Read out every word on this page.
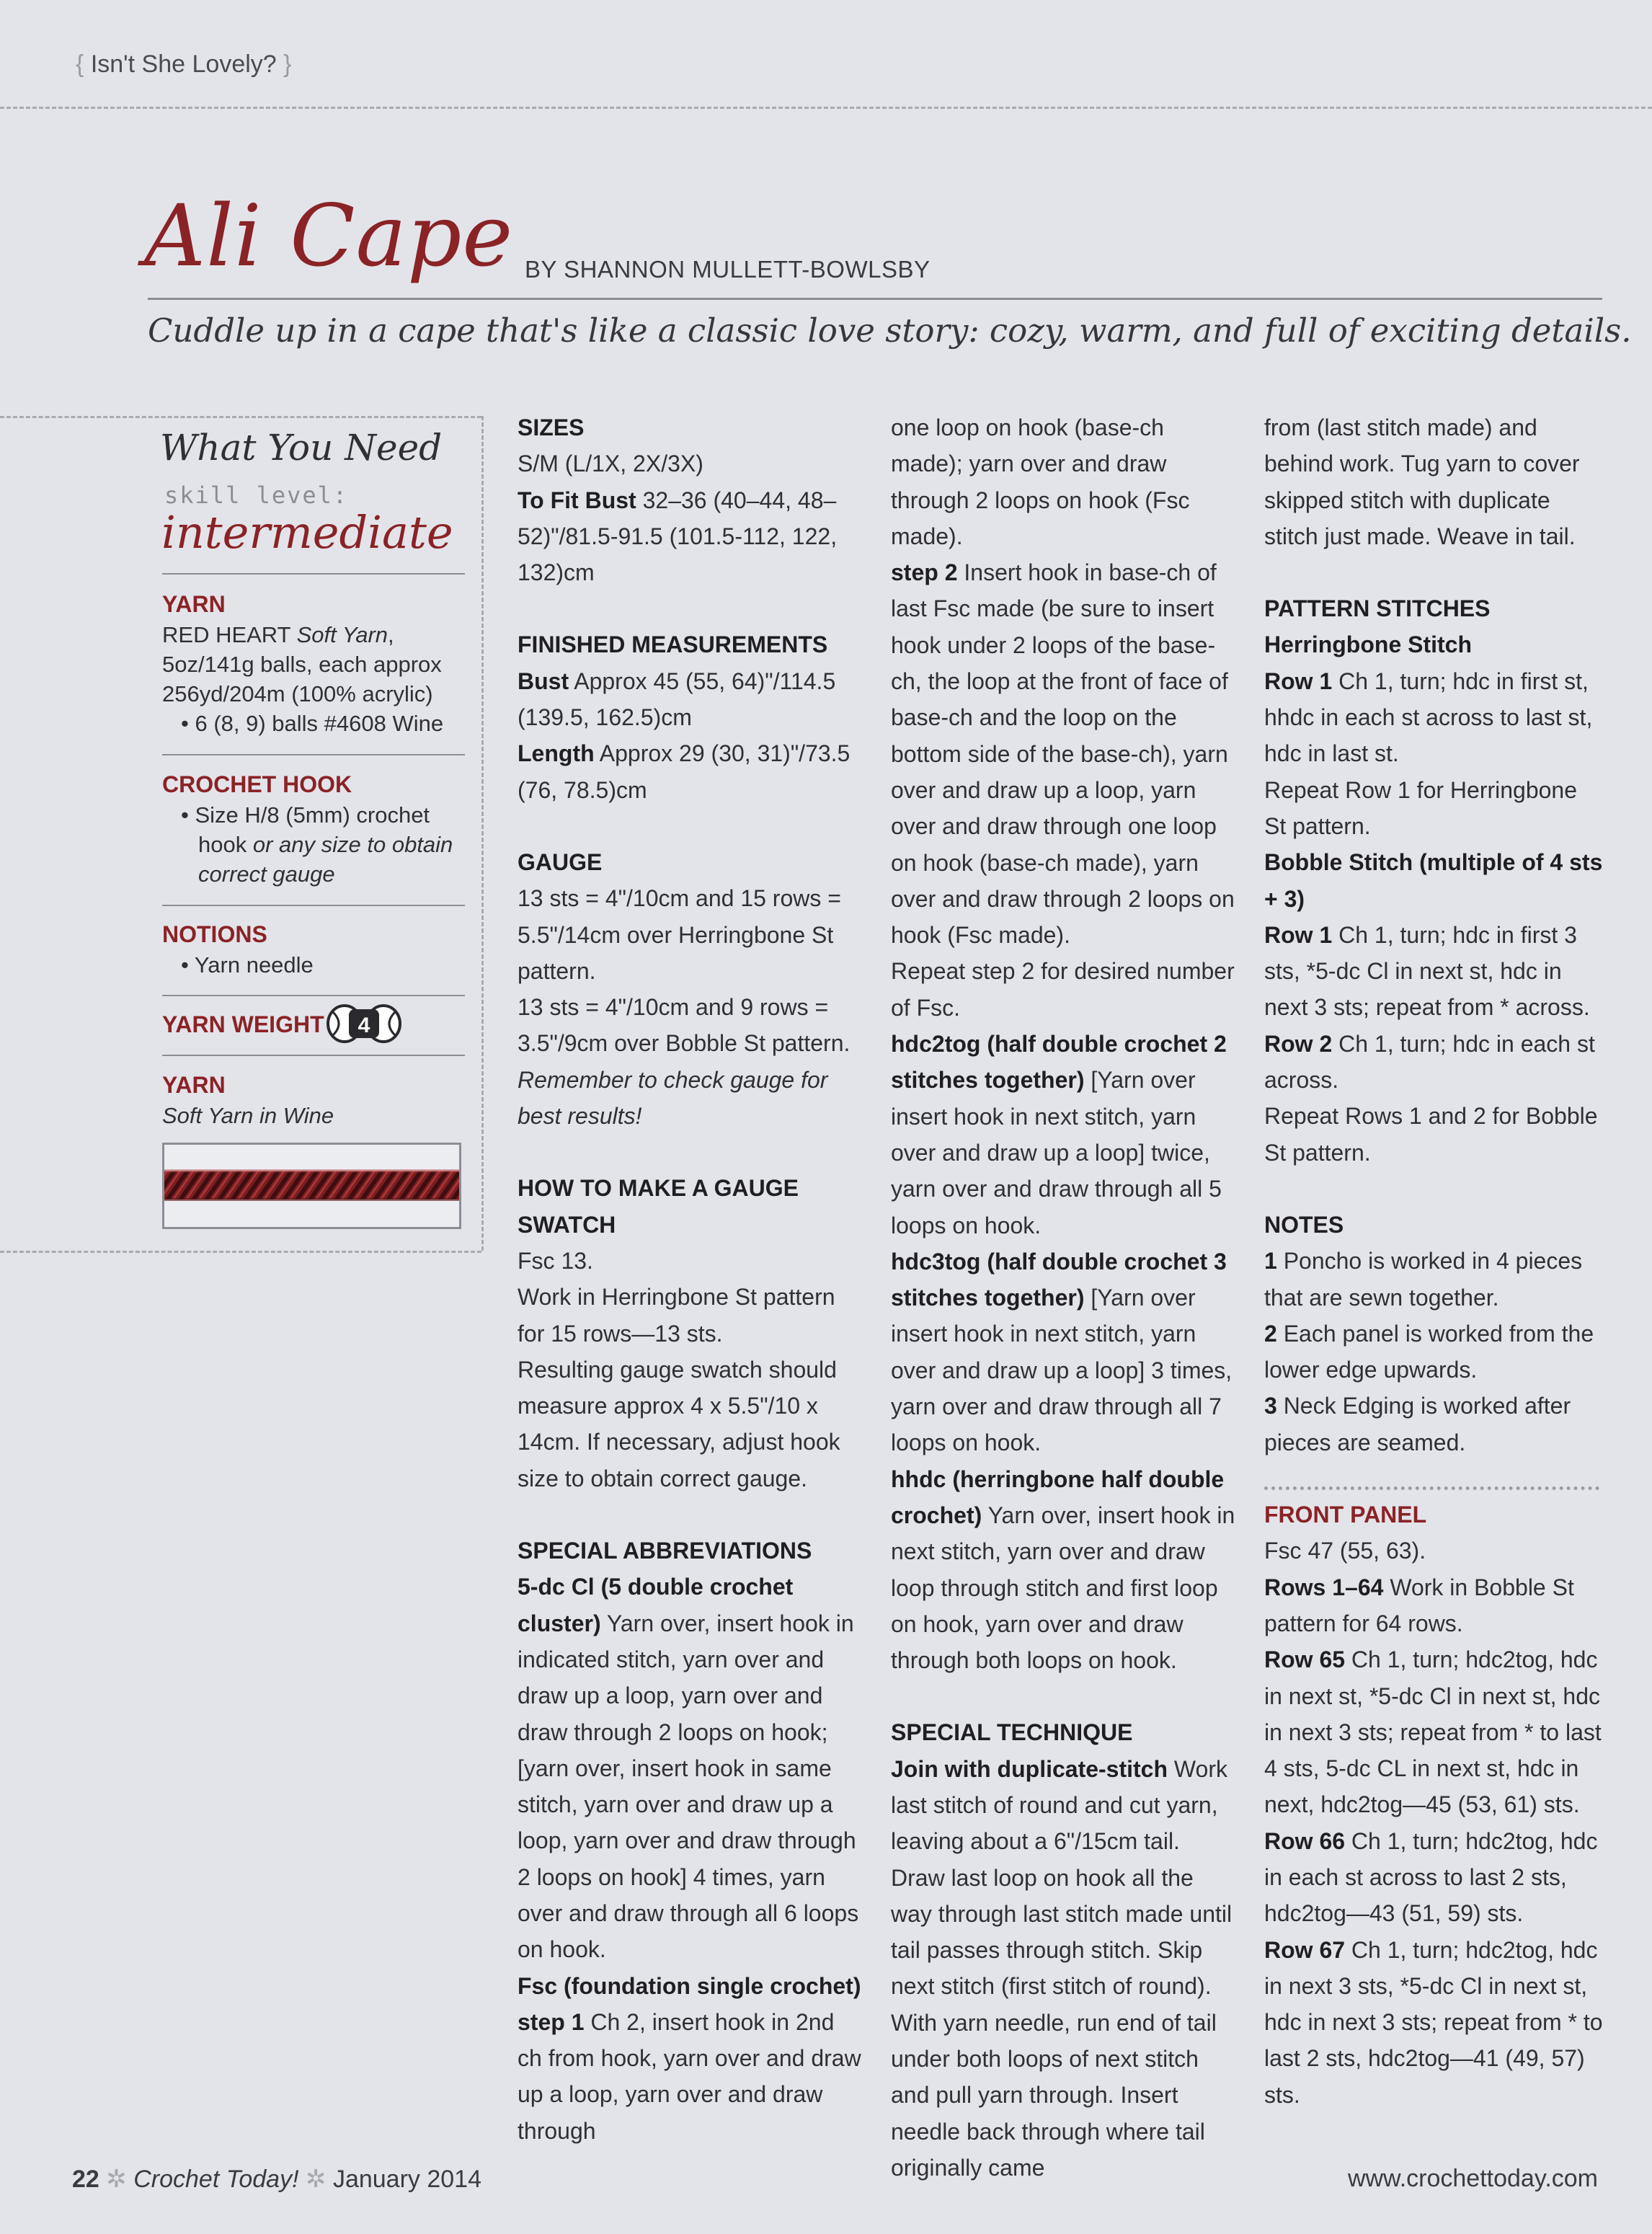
{ Isn't She Lovely? }
Ali Cape BY SHANNON MULLETT-BOWLSBY
Cuddle up in a cape that's like a classic love story: cozy, warm, and full of exciting details.
What You Need
skill level:
intermediate
YARN
RED HEART Soft Yarn, 5oz/141g balls, each approx 256yd/204m (100% acrylic)
• 6 (8, 9) balls #4608 Wine
CROCHET HOOK
• Size H/8 (5mm) crochet hook or any size to obtain correct gauge
NOTIONS
• Yarn needle
YARN WEIGHT 4
YARN
Soft Yarn in Wine

SIZES

S/M (L/1X, 2X/3X)

To Fit Bust 32–36 (40–44, 48–52)"/81.5-91.5 (101.5-112, 122, 132)cm

FINISHED MEASUREMENTS

Bust Approx 45 (55, 64)"/114.5 (139.5, 162.5)cm

Length Approx 29 (30, 31)"/73.5 (76, 78.5)cm

GAUGE

13 sts = 4"/10cm and 15 rows = 5.5"/14cm over Herringbone St pattern.

13 sts = 4"/10cm and 9 rows = 3.5"/9cm over Bobble St pattern.

Remember to check gauge for best results!

HOW TO MAKE A GAUGE SWATCH

Fsc 13.

Work in Herringbone St pattern for 15 rows—13 sts.

Resulting gauge swatch should measure approx 4 x 5.5"/10 x 14cm. If necessary, adjust hook size to obtain correct gauge.

SPECIAL ABBREVIATIONS

5-dc Cl (5 double crochet cluster) Yarn over, insert hook in indicated stitch, yarn over and draw up a loop, yarn over and draw through 2 loops on hook; [yarn over, insert hook in same stitch, yarn over and draw up a loop, yarn over and draw through 2 loops on hook] 4 times, yarn over and draw through all 6 loops on hook.

Fsc (foundation single crochet)

step 1 Ch 2, insert hook in 2nd ch from hook, yarn over and draw up a loop, yarn over and draw through

one loop on hook (base-ch made); yarn over and draw through 2 loops on hook (Fsc made).

step 2 Insert hook in base-ch of last Fsc made (be sure to insert hook under 2 loops of the base-ch, the loop at the front of face of base-ch and the loop on the bottom side of the base-ch), yarn over and draw up a loop, yarn over and draw through one loop on hook (base-ch made), yarn over and draw through 2 loops on hook (Fsc made).

Repeat step 2 for desired number of Fsc.

hdc2tog (half double crochet 2 stitches together) [Yarn over insert hook in next stitch, yarn over and draw up a loop] twice, yarn over and draw through all 5 loops on hook.

hdc3tog (half double crochet 3 stitches together) [Yarn over insert hook in next stitch, yarn over and draw up a loop] 3 times, yarn over and draw through all 7 loops on hook.

hhdc (herringbone half double crochet) Yarn over, insert hook in next stitch, yarn over and draw loop through stitch and first loop on hook, yarn over and draw through both loops on hook.

SPECIAL TECHNIQUE

Join with duplicate-stitch Work last stitch of round and cut yarn, leaving about a 6"/15cm tail. Draw last loop on hook all the way through last stitch made until tail passes through stitch. Skip next stitch (first stitch of round). With yarn needle, run end of tail under both loops of next stitch and pull yarn through. Insert needle back through where tail originally came

from (last stitch made) and behind work. Tug yarn to cover skipped stitch with duplicate stitch just made. Weave in tail.

PATTERN STITCHES

Herringbone Stitch

Row 1 Ch 1, turn; hdc in first st, hhdc in each st across to last st, hdc in last st.

Repeat Row 1 for Herringbone St pattern.

Bobble Stitch (multiple of 4 sts + 3)

Row 1 Ch 1, turn; hdc in first 3 sts, *5-dc Cl in next st, hdc in next 3 sts; repeat from * across.

Row 2 Ch 1, turn; hdc in each st across.

Repeat Rows 1 and 2 for Bobble St pattern.

NOTES

1 Poncho is worked in 4 pieces that are sewn together.

2 Each panel is worked from the lower edge upwards.

3 Neck Edging is worked after pieces are seamed.

FRONT PANEL

Fsc 47 (55, 63).

Rows 1–64 Work in Bobble St pattern for 64 rows.

Row 65 Ch 1, turn; hdc2tog, hdc in next st, *5-dc Cl in next st, hdc in next 3 sts; repeat from * to last 4 sts, 5-dc CL in next st, hdc in next, hdc2tog—45 (53, 61) sts.

Row 66 Ch 1, turn; hdc2tog, hdc in each st across to last 2 sts, hdc2tog—43 (51, 59) sts.

Row 67 Ch 1, turn; hdc2tog, hdc in next 3 sts, *5-dc Cl in next st, hdc in next 3 sts; repeat from * to last 2 sts, hdc2tog—41 (49, 57) sts.

22 ✲ Crochet Today! ✲ January 2014	www.crochettoday.com
